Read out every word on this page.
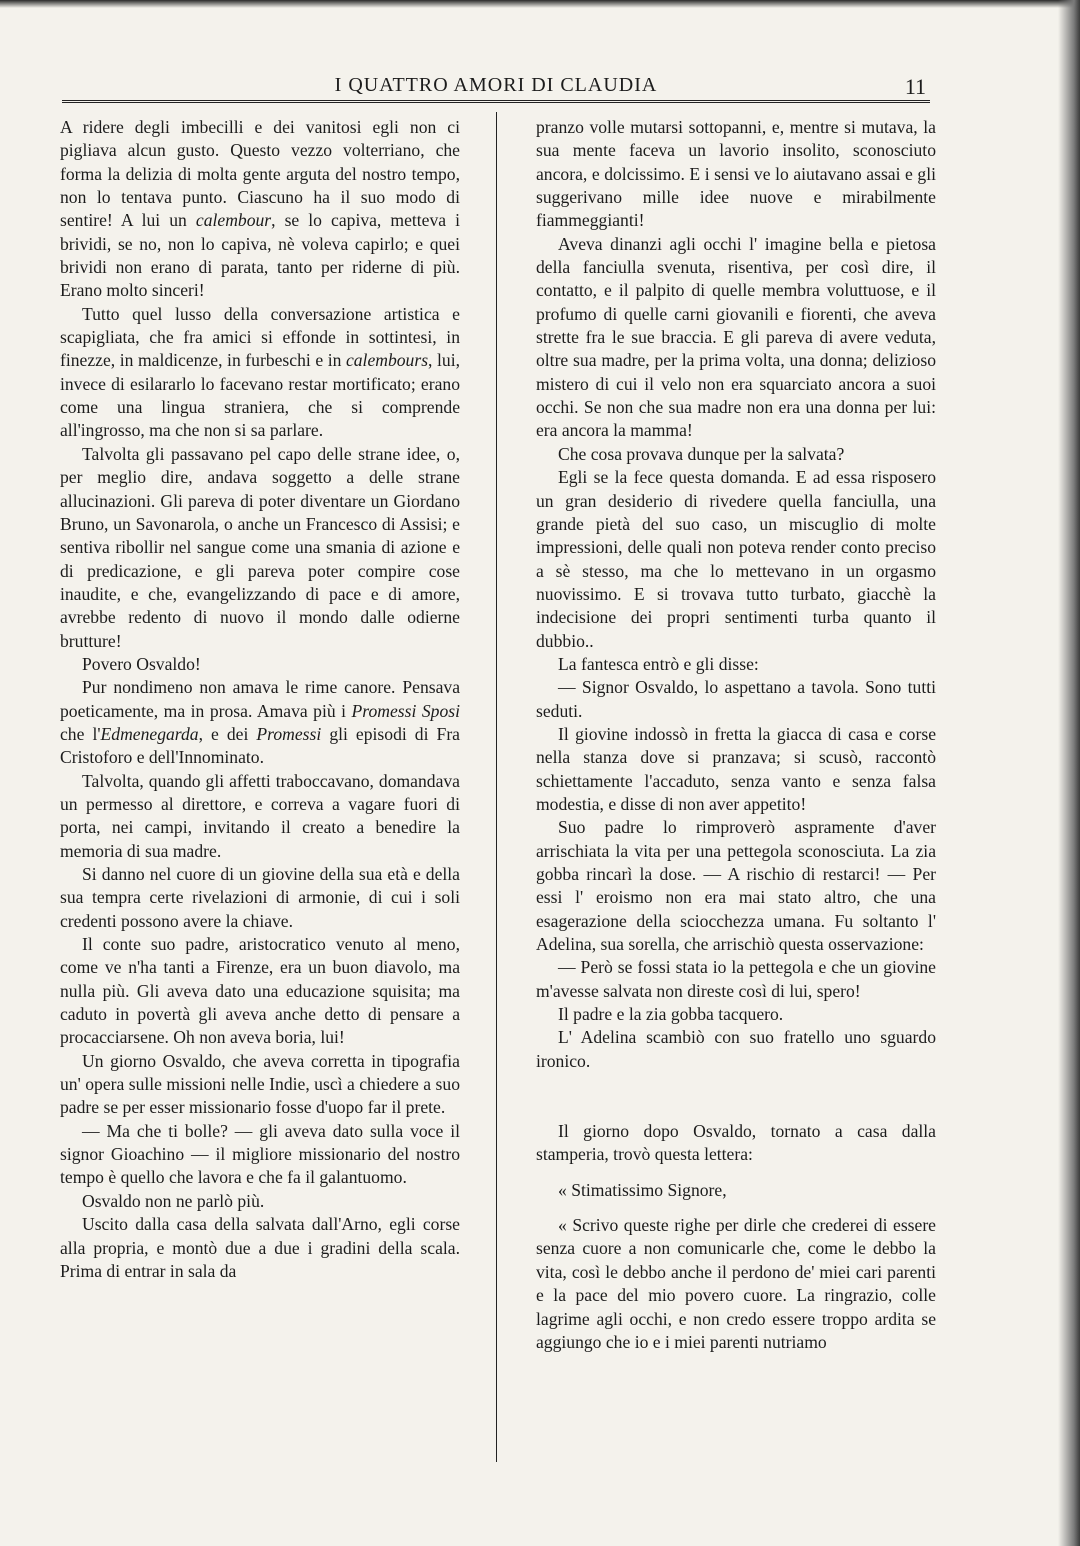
I QUATTRO AMORI DI CLAUDIA	11

A ridere degli imbecilli e dei vanitosi egli non ci pigliava alcun gusto. Questo vezzo volterriano, che forma la delizia di molta gente arguta del nostro tempo, non lo tentava punto. Ciascuno ha il suo modo di sentire! A lui un calembour, se lo capiva, metteva i brividi, se no, non lo capiva, nè voleva capirlo; e quei brividi non erano di parata, tanto per riderne di più. Erano molto sinceri!

Tutto quel lusso della conversazione artistica e scapigliata, che fra amici si effonde in sottintesi, in finezze, in maldicenze, in furbeschi e in calembours, lui, invece di esilararlo lo facevano restar mortificato; erano come una lingua straniera, che si comprende all'ingrosso, ma che non si sa parlare.

Talvolta gli passavano pel capo delle strane idee, o, per meglio dire, andava soggetto a delle strane allucinazioni. Gli pareva di poter diventare un Giordano Bruno, un Savonarola, o anche un Francesco di Assisi; e sentiva ribollir nel sangue come una smania di azione e di predicazione, e gli pareva poter compire cose inaudite, e che, evangelizzando di pace e di amore, avrebbe redento di nuovo il mondo dalle odierne brutture!

Povero Osvaldo!

Pur nondimeno non amava le rime canore. Pensava poeticamente, ma in prosa. Amava più i Promessi Sposi che l'Edmenegarda, e dei Promessi gli episodi di Fra Cristoforo e dell'Innominato.

Talvolta, quando gli affetti traboccavano, domandava un permesso al direttore, e correva a vagare fuori di porta, nei campi, invitando il creato a benedire la memoria di sua madre.

Si danno nel cuore di un giovine della sua età e della sua tempra certe rivelazioni di armonie, di cui i soli credenti possono avere la chiave.

Il conte suo padre, aristocratico venuto al meno, come ve n'ha tanti a Firenze, era un buon diavolo, ma nulla più. Gli aveva dato una educazione squisita; ma caduto in povertà gli aveva anche detto di pensare a procacciarsene. Oh non aveva boria, lui!

Un giorno Osvaldo, che aveva corretta in tipografia un' opera sulle missioni nelle Indie, uscì a chiedere a suo padre se per esser missionario fosse d'uopo far il prete.

— Ma che ti bolle? — gli aveva dato sulla voce il signor Gioachino — il migliore missionario del nostro tempo è quello che lavora e che fa il galantuomo.

Osvaldo non ne parlò più.

Uscito dalla casa della salvata dall'Arno, egli corse alla propria, e montò due a due i gradini della scala. Prima di entrar in sala da

pranzo volle mutarsi sottopanni, e, mentre si mutava, la sua mente faceva un lavorio insolito, sconosciuto ancora, e dolcissimo. E i sensi ve lo aiutavano assai e gli suggerivano mille idee nuove e mirabilmente fiammeggianti!

Aveva dinanzi agli occhi l' imagine bella e pietosa della fanciulla svenuta, risentiva, per così dire, il contatto, e il palpito di quelle membra voluttuose, e il profumo di quelle carni giovanili e fiorenti, che aveva strette fra le sue braccia. E gli pareva di avere veduta, oltre sua madre, per la prima volta, una donna; delizioso mistero di cui il velo non era squarciato ancora a suoi occhi. Se non che sua madre non era una donna per lui: era ancora la mamma!

Che cosa provava dunque per la salvata?

Egli se la fece questa domanda. E ad essa risposero un gran desiderio di rivedere quella fanciulla, una grande pietà del suo caso, un miscuglio di molte impressioni, delle quali non poteva render conto preciso a sè stesso, ma che lo mettevano in un orgasmo nuovissimo. E si trovava tutto turbato, giacchè la indecisione dei propri sentimenti turba quanto il dubbio..

La fantesca entrò e gli disse:

— Signor Osvaldo, lo aspettano a tavola. Sono tutti seduti.

Il giovine indossò in fretta la giacca di casa e corse nella stanza dove si pranzava; si scusò, raccontò schiettamente l'accaduto, senza vanto e senza falsa modestia, e disse di non aver appetito!

Suo padre lo rimproverò aspramente d'aver arrischiata la vita per una pettegola sconosciuta. La zia gobba rincarì la dose. — A rischio di restarci! — Per essi l' eroismo non era mai stato altro, che una esagerazione della sciocchezza umana. Fu soltanto l' Adelina, sua sorella, che arrischiò questa osservazione:

— Però se fossi stata io la pettegola e che un giovine m'avesse salvata non direste così di lui, spero!

Il padre e la zia gobba tacquero.

L' Adelina scambiò con suo fratello uno sguardo ironico.

Il giorno dopo Osvaldo, tornato a casa dalla stamperia, trovò questa lettera:

« Stimatissimo Signore,

« Scrivo queste righe per dirle che crederei di essere senza cuore a non comunicarle che, come le debbo la vita, così le debbo anche il perdono de' miei cari parenti e la pace del mio povero cuore. La ringrazio, colle lagrime agli occhi, e non credo essere troppo ardita se aggiungo che io e i miei parenti nutriamo
